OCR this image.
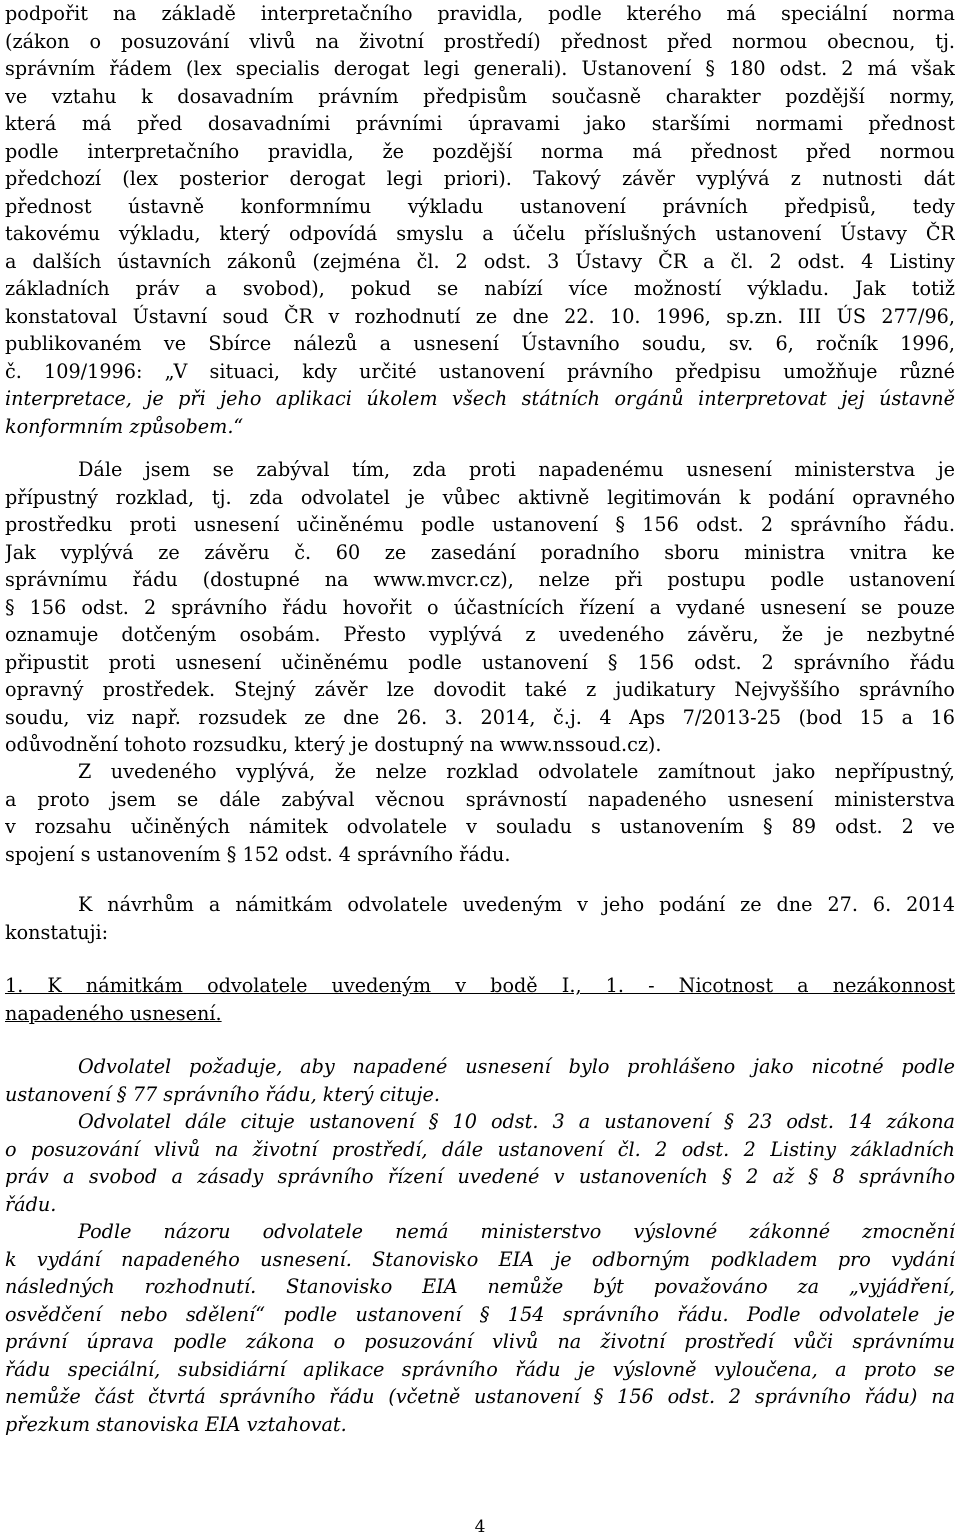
podpořit na základě interpretačního pravidla, podle kterého má speciální norma
(zákon o posuzování vlivů na životní prostředí) přednost před normou obecnou, tj.
správním řádem (lex specialis derogat legi generali). Ustanovení § 180 odst. 2 má však
ve vztahu k dosavadním právním předpisům současně charakter pozdější normy,
která má před dosavadními právními úpravami jako staršími normami přednost
podle interpretačního pravidla, že pozdější norma má přednost před normou
předchozí (lex posterior derogat legi priori). Takový závěr vyplývá z nutnosti dát
přednost ústavně konformnímu výkladu ustanovení právních předpisů, tedy
takovému výkladu, který odpovídá smyslu a účelu příslušných ustanovení Ústavy ČR
a dalších ústavních zákonů (zejména čl. 2 odst. 3 Ústavy ČR a čl. 2 odst. 4 Listiny
základních práv a svobod), pokud se nabízí více možností výkladu. Jak totiž
konstatoval Ústavní soud ČR v rozhodnutí ze dne 22. 10. 1996, sp.zn. III ÚS 277/96,
publikovaném ve Sbírce nálezů a usnesení Ústavního soudu, sv. 6, ročník 1996,
č. 109/1996: „V situaci, kdy určité ustanovení právního předpisu umožňuje různé
interpretace, je při jeho aplikaci úkolem všech státních orgánů interpretovat jej ústavně
konformním způsobem.“
Dále jsem se zabýval tím, zda proti napadenému usnesení ministerstva je
přípustný rozklad, tj. zda odvolatel je vůbec aktivně legitimován k podání opravného
prostředku proti usnesení učiněnému podle ustanovení § 156 odst. 2 správního řádu.
Jak vyplývá ze závěru č. 60 ze zasedání poradního sboru ministra vnitra ke
správnímu řádu (dostupné na www.mvcr.cz), nelze při postupu podle ustanovení
§ 156 odst. 2 správního řádu hovořit o účastnících řízení a vydané usnesení se pouze
oznamuje dotčeným osobám. Přesto vyplývá z uvedeného závěru, že je nezbytné
připustit proti usnesení učiněnému podle ustanovení § 156 odst. 2 správního řádu
opravný prostředek. Stejný závěr lze dovodit také z judikatury Nejvyššího správního
soudu, viz např. rozsudek ze dne 26. 3. 2014, č.j. 4 Aps 7/2013-25 (bod 15 a 16
odůvodnění tohoto rozsudku, který je dostupný na www.nssoud.cz).
Z uvedeného vyplývá, že nelze rozklad odvolatele zamítnout jako nepřípustný,
a proto jsem se dále zabýval věcnou správností napadeného usnesení ministerstva
v rozsahu učiněných námitek odvolatele v souladu s ustanovením § 89 odst. 2 ve
spojení s ustanovením § 152 odst. 4 správního řádu.
K návrhům a námitkám odvolatele uvedeným v jeho podání ze dne 27. 6. 2014
konstatuji:
1. K námitkám odvolatele uvedeným v bodě I., 1. - Nicotnost a nezákonnost
napadeného usnesení.
Odvolatel požaduje, aby napadené usnesení bylo prohlášeno jako nicotné podle
ustanovení § 77 správního řádu, který cituje.
Odvolatel dále cituje ustanovení § 10 odst. 3 a ustanovení § 23 odst. 14 zákona
o posuzování vlivů na životní prostředí, dále ustanovení čl. 2 odst. 2 Listiny základních
práv a svobod a zásady správního řízení uvedené v ustanoveních § 2 až § 8 správního
řádu.
Podle názoru odvolatele nemá ministerstvo výslovné zákonné zmocnění
k vydání napadeného usnesení. Stanovisko EIA je odborným podkladem pro vydání
následných rozhodnutí. Stanovisko EIA nemůže být považováno za „vyjádření,
osvědčení nebo sdělení“ podle ustanovení § 154 správního řádu. Podle odvolatele je
právní úprava podle zákona o posuzování vlivů na životní prostředí vůči správnímu
řádu speciální, subsidiární aplikace správního řádu je výslovně vyloučena, a proto se
nemůže část čtvrtá správního řádu (včetně ustanovení § 156 odst. 2 správního řádu) na
přezkum stanoviska EIA vztahovat.
4
